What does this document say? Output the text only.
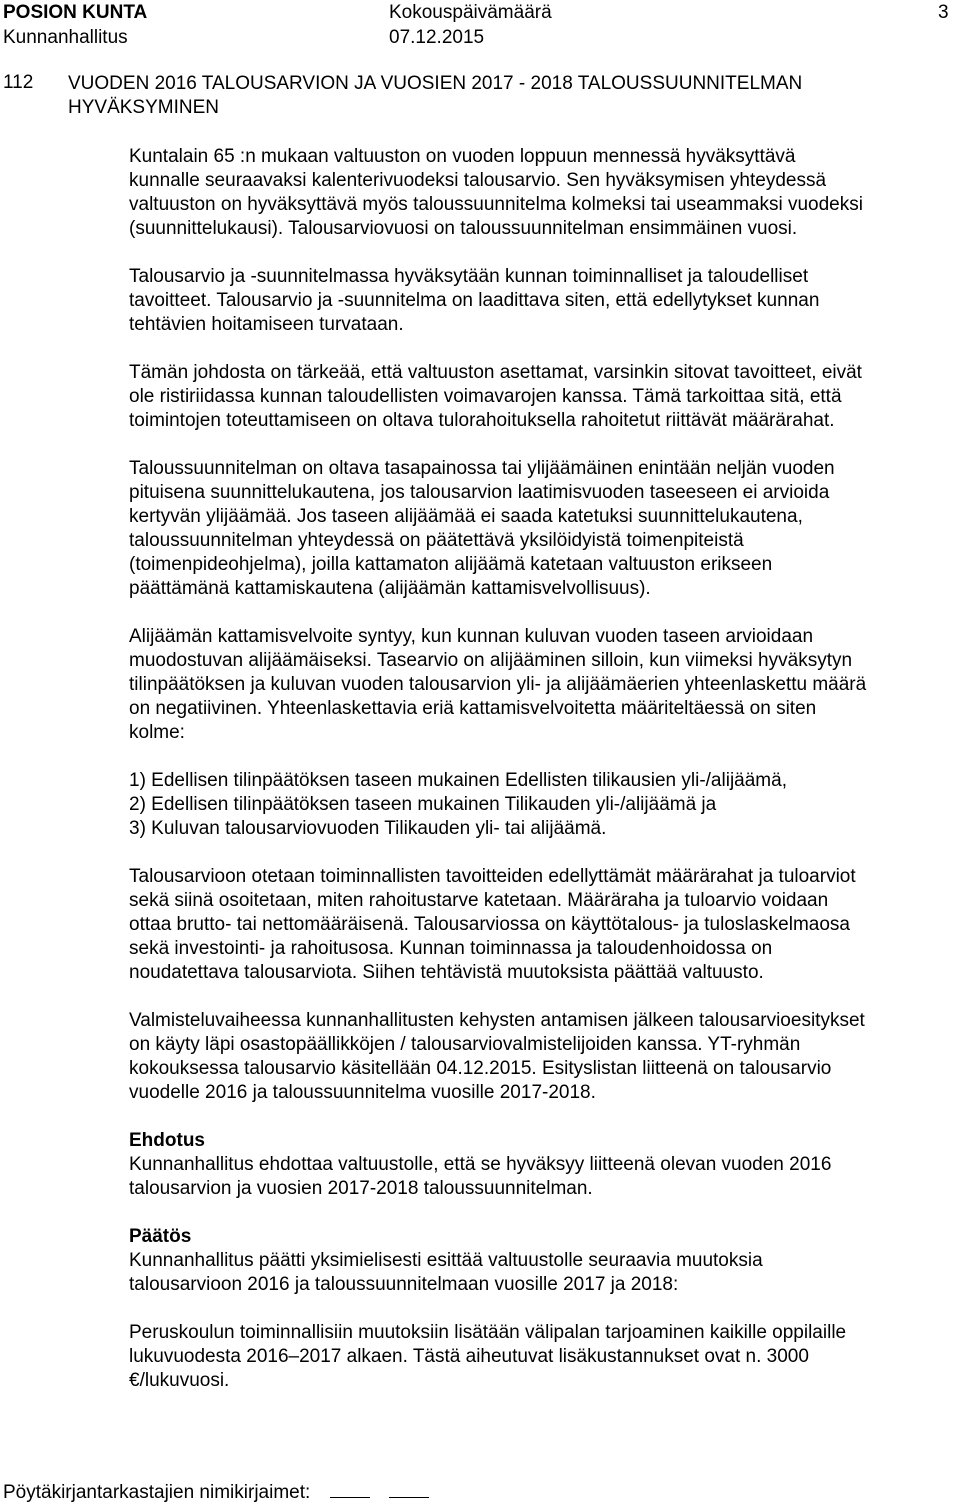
POSION KUNTA	Kokouspäivämäärä	3
Kunnanhallitus	07.12.2015
112 VUODEN 2016 TALOUSARVION JA VUOSIEN 2017 - 2018 TALOUSSUUNNITELMAN
HYVÄKSYMINEN

Kuntalain 65 :n mukaan valtuuston on vuoden loppuun mennessä hyväksyttävä
kunnalle seuraavaksi kalenterivuodeksi talousarvio. Sen hyväksymisen yhteydessä
valtuuston on hyväksyttävä myös taloussuunnitelma kolmeksi tai useammaksi vuodeksi
(suunnittelukausi). Talousarviovuosi on taloussuunnitelman ensimmäinen vuosi.

Talousarvio ja -suunnitelmassa hyväksytään kunnan toiminnalliset ja taloudelliset
tavoitteet. Talousarvio ja -suunnitelma on laadittava siten, että edellytykset kunnan
tehtävien hoitamiseen turvataan.

Tämän johdosta on tärkeää, että valtuuston asettamat, varsinkin sitovat tavoitteet, eivät
ole ristiriidassa kunnan taloudellisten voimavarojen kanssa. Tämä tarkoittaa sitä, että
toimintojen toteuttamiseen on oltava tulorahoituksella rahoitetut riittävät määrärahat.

Taloussuunnitelman on oltava tasapainossa tai ylijäämäinen enintään neljän vuoden
pituisena suunnittelukautena, jos talousarvion laatimisvuoden taseeseen ei arvioida
kertyvän ylijäämää. Jos taseen alijäämää ei saada katetuksi suunnittelukautena,
taloussuunnitelman yhteydessä on päätettävä yksilöidyistä toimenpiteistä
(toimenpideohjelma), joilla kattamaton alijäämä katetaan valtuuston erikseen
päättämänä kattamiskautena (alijäämän kattamisvelvollisuus).

Alijäämän kattamisvelvoite syntyy, kun kunnan kuluvan vuoden taseen arvioidaan
muodostuvan alijäämäiseksi. Tasearvio on alijääminen silloin, kun viimeksi hyväksytyn
tilinpäätöksen ja kuluvan vuoden talousarvion yli- ja alijäämäerien yhteenlaskettu määrä
on negatiivinen. Yhteenlaskettavia eriä kattamisvelvoitetta määriteltäessä on siten
kolme:

1) Edellisen tilinpäätöksen taseen mukainen Edellisten tilikausien yli-/alijäämä,
2) Edellisen tilinpäätöksen taseen mukainen Tilikauden yli-/alijäämä ja
3) Kuluvan talousarviovuoden Tilikauden yli- tai alijäämä.

Talousarvioon otetaan toiminnallisten tavoitteiden edellyttämät määrärahat ja tuloarviot
sekä siinä osoitetaan, miten rahoitustarve katetaan. Määräraha ja tuloarvio voidaan
ottaa brutto- tai nettomääräisenä. Talousarviossa on käyttötalous- ja tuloslaskelmaosa
sekä investointi- ja rahoitusosa. Kunnan toiminnassa ja taloudenhoidossa on
noudatettava talousarviota. Siihen tehtävistä muutoksista päättää valtuusto.

Valmisteluvaiheessa kunnanhallitusten kehysten antamisen jälkeen talousarvioesitykset
on käyty läpi osastopäällikköjen / talousarviovalmistelijoiden kanssa. YT-ryhmän
kokouksessa talousarvio käsitellään 04.12.2015. Esityslistan liitteenä on talousarvio
vuodelle 2016 ja taloussuunnitelma vuosille 2017-2018.

Ehdotus
Kunnanhallitus ehdottaa valtuustolle, että se hyväksyy liitteenä olevan vuoden 2016
talousarvion ja vuosien 2017-2018 taloussuunnitelman.

Päätös
Kunnanhallitus päätti yksimielisesti esittää valtuustolle seuraavia muutoksia
talousarvioon 2016 ja taloussuunnitelmaan vuosille 2017 ja 2018:

Peruskoulun toiminnallisiin muutoksiin lisätään välipalan tarjoaminen kaikille oppilaille
lukuvuodesta 2016–2017 alkaen. Tästä aiheutuvat lisäkustannukset ovat n. 3000
€/lukuvuosi.

Pöytäkirjantarkastajien nimikirjaimet:
